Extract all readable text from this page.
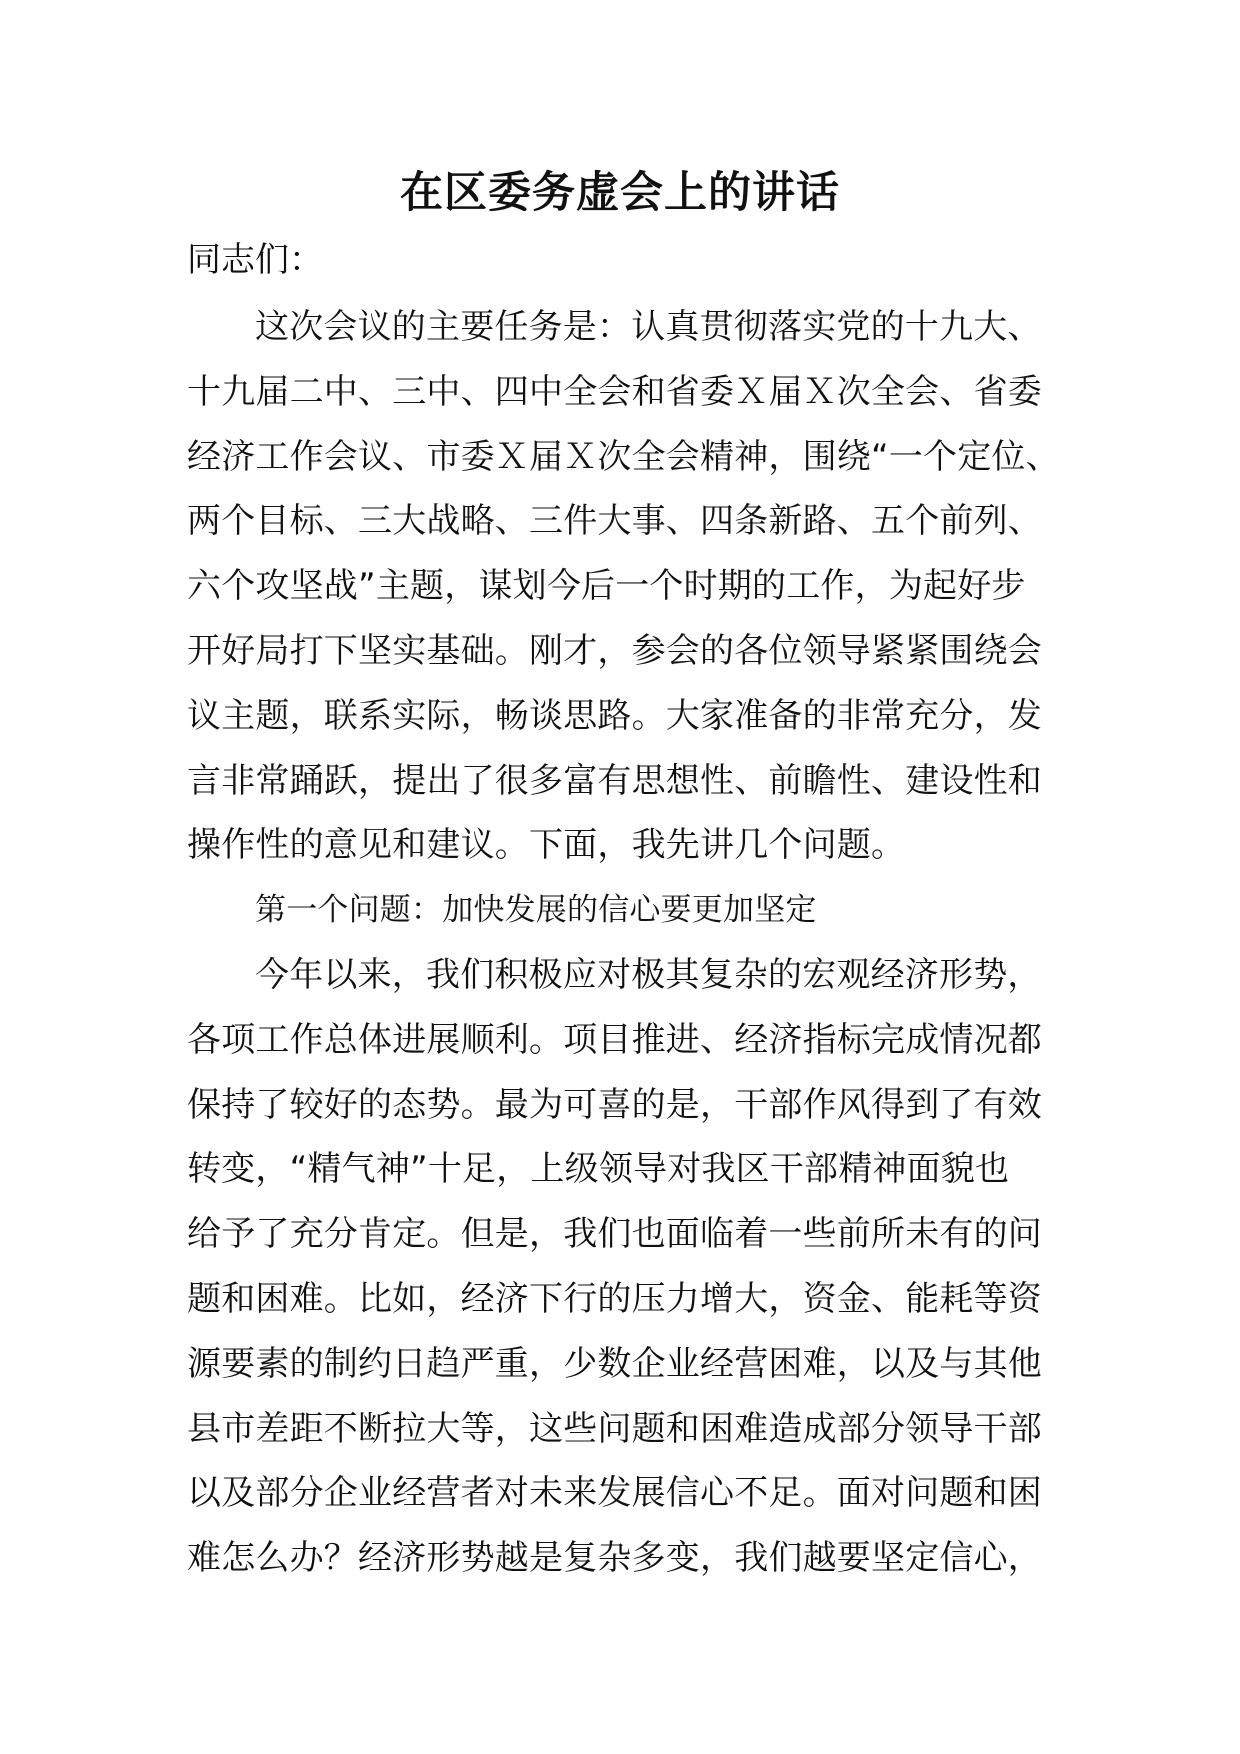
在区委务虚会上的讲话

同志们：

这次会议的主要任务是：认真贯彻落实党的十九大、
十九届二中、三中、四中全会和省委Ｘ届Ｘ次全会、省委
经济工作会议、市委Ｘ届Ｘ次全会精神，围绕“一个定位、
两个目标、三大战略、三件大事、四条新路、五个前列、
六个攻坚战”主题，谋划今后一个时期的工作，为起好步
开好局打下坚实基础。刚才，参会的各位领导紧紧围绕会
议主题，联系实际，畅谈思路。大家准备的非常充分，发
言非常踊跃，提出了很多富有思想性、前瞻性、建设性和
操作性的意见和建议。下面，我先讲几个问题。
第一个问题：加快发展的信心要更加坚定
今年以来，我们积极应对极其复杂的宏观经济形势，
各项工作总体进展顺利。项目推进、经济指标完成情况都
保持了较好的态势。最为可喜的是，干部作风得到了有效
转变，“精气神”十足，上级领导对我区干部精神面貌也
给予了充分肯定。但是，我们也面临着一些前所未有的问
题和困难。比如，经济下行的压力增大，资金、能耗等资
源要素的制约日趋严重，少数企业经营困难，以及与其他
县市差距不断拉大等，这些问题和困难造成部分领导干部
以及部分企业经营者对未来发展信心不足。面对问题和困
难怎么办？经济形势越是复杂多变，我们越要坚定信心，
